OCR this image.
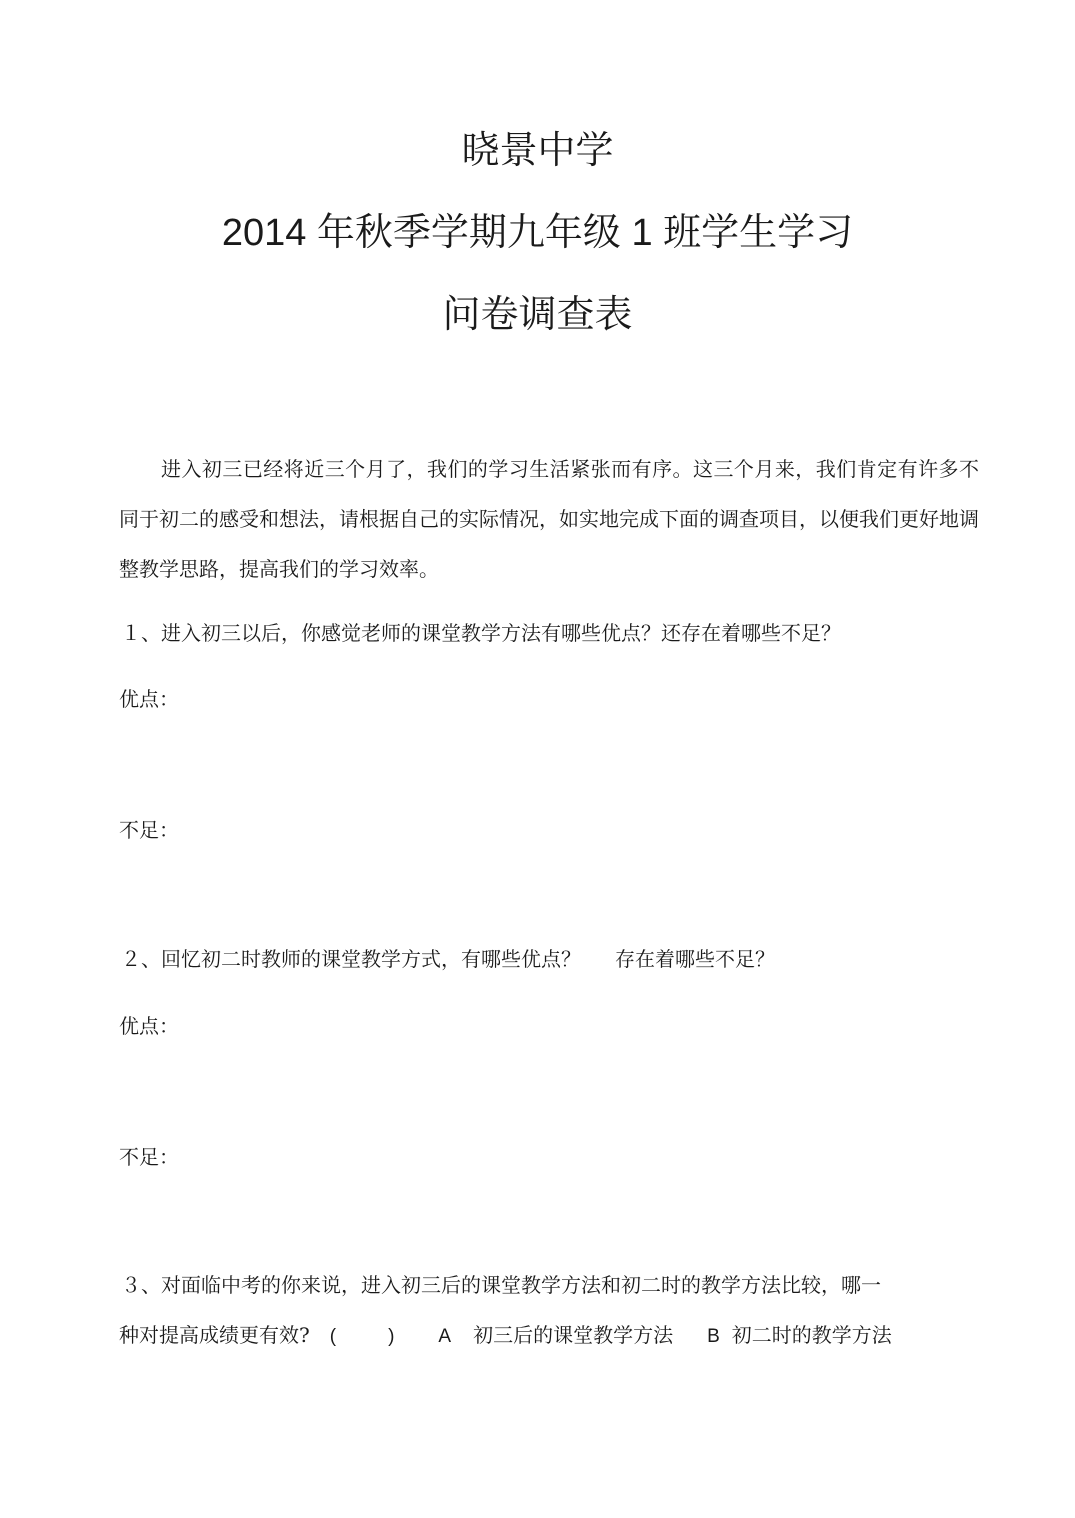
晓景中学
2014 年秋季学期九年级 1 班学生学习
问卷调查表

进入初三已经将近三个月了，我们的学习生活紧张而有序。这三个月来，我们肯定有许多不同于初二的感受和想法，请根据自己的实际情况，如实地完成下面的调查项目，以便我们更好地调整教学思路，提高我们的学习效率。

１、进入初三以后，你感觉老师的课堂教学方法有哪些优点？还存在着哪些不足？
优点：
不足：
２、回忆初二时教师的课堂教学方式，有哪些优点？ 存在着哪些不足？
优点：
不足：
３、对面临中考的你来说，进入初三后的课堂教学方法和初二时的教学方法比较，哪一
种对提高成绩更有效? (	) A 初三后的课堂教学方法 B 初二时的教学方法
